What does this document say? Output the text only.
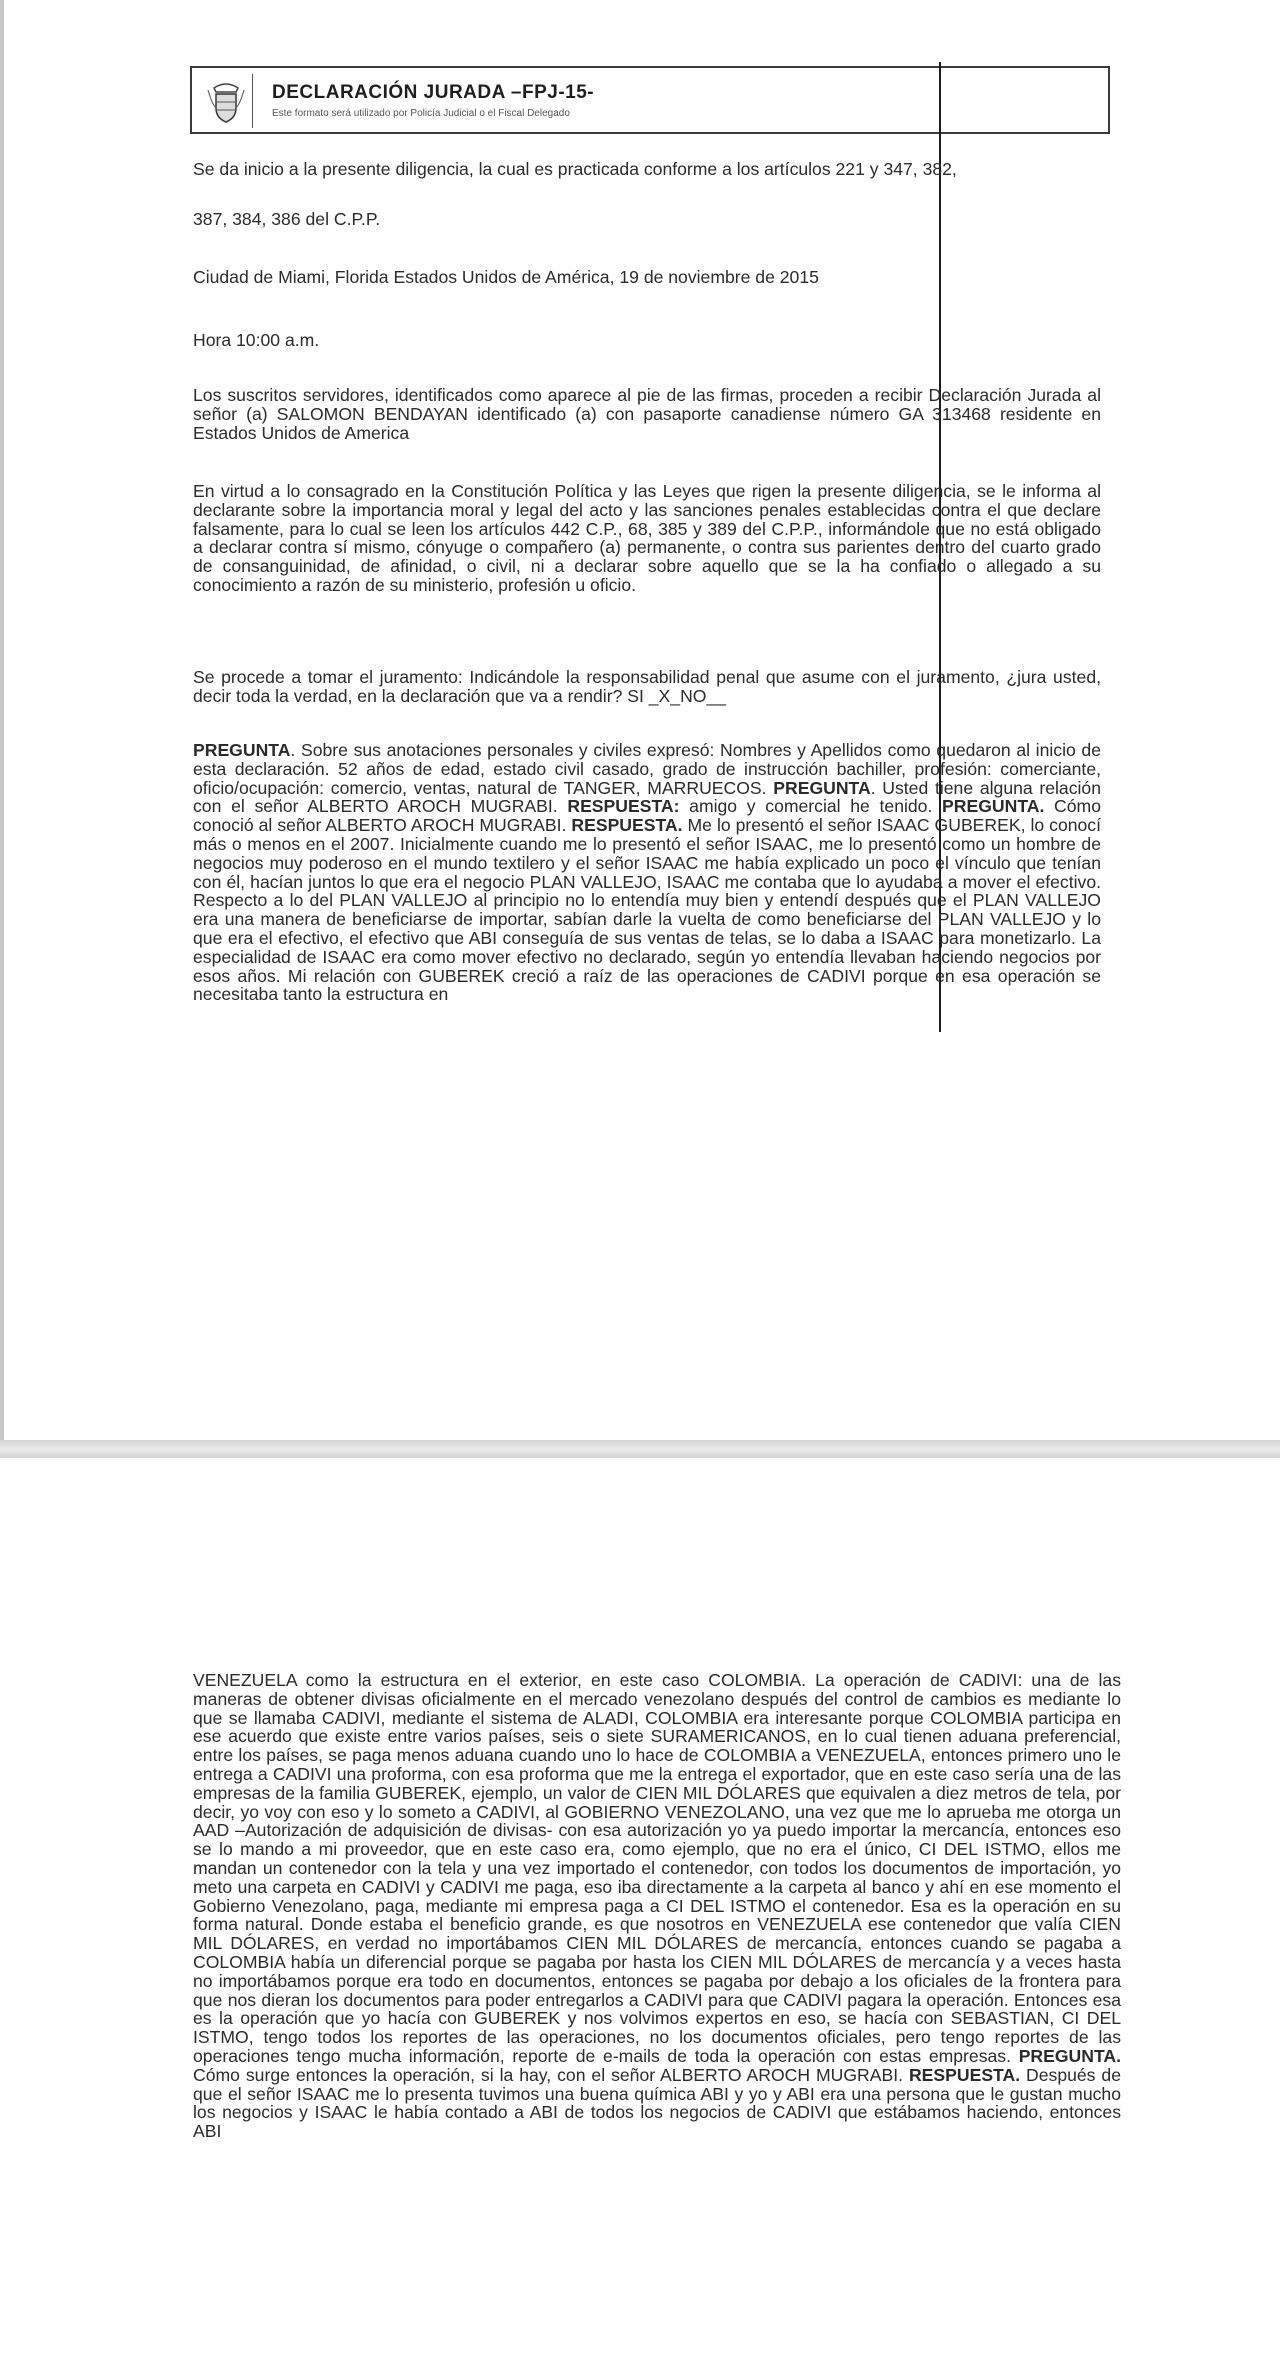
DECLARACIÓN JURADA –FPJ-15-
Este formato será utilizado por Policía Judicial o el Fiscal Delegado

Se da inicio a la presente diligencia, la cual es practicada conforme a los artículos 221 y 347, 382,

387, 384, 386 del C.P.P.

Ciudad de Miami, Florida Estados Unidos de América, 19 de noviembre de 2015

Hora 10:00 a.m.

Los suscritos servidores, identificados como aparece al pie de las firmas, proceden a recibir Declaración Jurada al señor (a) SALOMON BENDAYAN identificado (a) con pasaporte canadiense número GA 313468 residente en Estados Unidos de America

En virtud a lo consagrado en la Constitución Política y las Leyes que rigen la presente diligencia, se le informa al declarante sobre la importancia moral y legal del acto y las sanciones penales establecidas contra el que declare falsamente, para lo cual se leen los artículos 442 C.P., 68, 385 y 389 del C.P.P., informándole que no está obligado a declarar contra sí mismo, cónyuge o compañero (a) permanente, o contra sus parientes dentro del cuarto grado de consanguinidad, de afinidad, o civil, ni a declarar sobre aquello que se la ha confiado o allegado a su conocimiento a razón de su ministerio, profesión u oficio.

Se procede a tomar el juramento: Indicándole la responsabilidad penal que asume con el juramento, ¿jura usted, decir toda la verdad, en la declaración que va a rendir? SI _X_NO__

PREGUNTA. Sobre sus anotaciones personales y civiles expresó: Nombres y Apellidos como quedaron al inicio de esta declaración. 52 años de edad, estado civil casado, grado de instrucción bachiller, profesión: comerciante, oficio/ocupación: comercio, ventas, natural de TANGER, MARRUECOS. PREGUNTA. Usted tiene alguna relación con el señor ALBERTO AROCH MUGRABI. RESPUESTA: amigo y comercial he tenido. PREGUNTA. Cómo conoció al señor ALBERTO AROCH MUGRABI. RESPUESTA. Me lo presentó el señor ISAAC GUBEREK, lo conocí más o menos en el 2007. Inicialmente cuando me lo presentó el señor ISAAC, me lo presentó como un hombre de negocios muy poderoso en el mundo textilero y el señor ISAAC me había explicado un poco el vínculo que tenían con él, hacían juntos lo que era el negocio PLAN VALLEJO, ISAAC me contaba que lo ayudaba a mover el efectivo. Respecto a lo del PLAN VALLEJO al principio no lo entendía muy bien y entendí después que el PLAN VALLEJO era una manera de beneficiarse de importar, sabían darle la vuelta de como beneficiarse del PLAN VALLEJO y lo que era el efectivo, el efectivo que ABI conseguía de sus ventas de telas, se lo daba a ISAAC para monetizarlo. La especialidad de ISAAC era como mover efectivo no declarado, según yo entendía llevaban haciendo negocios por esos años. Mi relación con GUBEREK creció a raíz de las operaciones de CADIVI porque en esa operación se necesitaba tanto la estructura en

VENEZUELA como la estructura en el exterior, en este caso COLOMBIA. La operación de CADIVI: una de las maneras de obtener divisas oficialmente en el mercado venezolano después del control de cambios es mediante lo que se llamaba CADIVI, mediante el sistema de ALADI, COLOMBIA era interesante porque COLOMBIA participa en ese acuerdo que existe entre varios países, seis o siete SURAMERICANOS, en lo cual tienen aduana preferencial, entre los países, se paga menos aduana cuando uno lo hace de COLOMBIA a VENEZUELA, entonces primero uno le entrega a CADIVI una proforma, con esa proforma que me la entrega el exportador, que en este caso sería una de las empresas de la familia GUBEREK, ejemplo, un valor de CIEN MIL DÓLARES que equivalen a diez metros de tela, por decir, yo voy con eso y lo someto a CADIVI, al GOBIERNO VENEZOLANO, una vez que me lo aprueba me otorga un AAD –Autorización de adquisición de divisas- con esa autorización yo ya puedo importar la mercancía, entonces eso se lo mando a mi proveedor, que en este caso era, como ejemplo, que no era el único, CI DEL ISTMO, ellos me mandan un contenedor con la tela y una vez importado el contenedor, con todos los documentos de importación, yo meto una carpeta en CADIVI y CADIVI me paga, eso iba directamente a la carpeta al banco y ahí en ese momento el Gobierno Venezolano, paga, mediante mi empresa paga a CI DEL ISTMO el contenedor. Esa es la operación en su forma natural. Donde estaba el beneficio grande, es que nosotros en VENEZUELA ese contenedor que valía CIEN MIL DÓLARES, en verdad no importábamos CIEN MIL DÓLARES de mercancía, entonces cuando se pagaba a COLOMBIA había un diferencial porque se pagaba por hasta los CIEN MIL DÓLARES de mercancía y a veces hasta no importábamos porque era todo en documentos, entonces se pagaba por debajo a los oficiales de la frontera para que nos dieran los documentos para poder entregarlos a CADIVI para que CADIVI pagara la operación. Entonces esa es la operación que yo hacía con GUBEREK y nos volvimos expertos en eso, se hacía con SEBASTIAN, CI DEL ISTMO, tengo todos los reportes de las operaciones, no los documentos oficiales, pero tengo reportes de las operaciones tengo mucha información, reporte de e-mails de toda la operación con estas empresas. PREGUNTA. Cómo surge entonces la operación, si la hay, con el señor ALBERTO AROCH MUGRABI. RESPUESTA. Después de que el señor ISAAC me lo presenta tuvimos una buena química ABI y yo y ABI era una persona que le gustan mucho los negocios y ISAAC le había contado a ABI de todos los negocios de CADIVI que estábamos haciendo, entonces ABI
